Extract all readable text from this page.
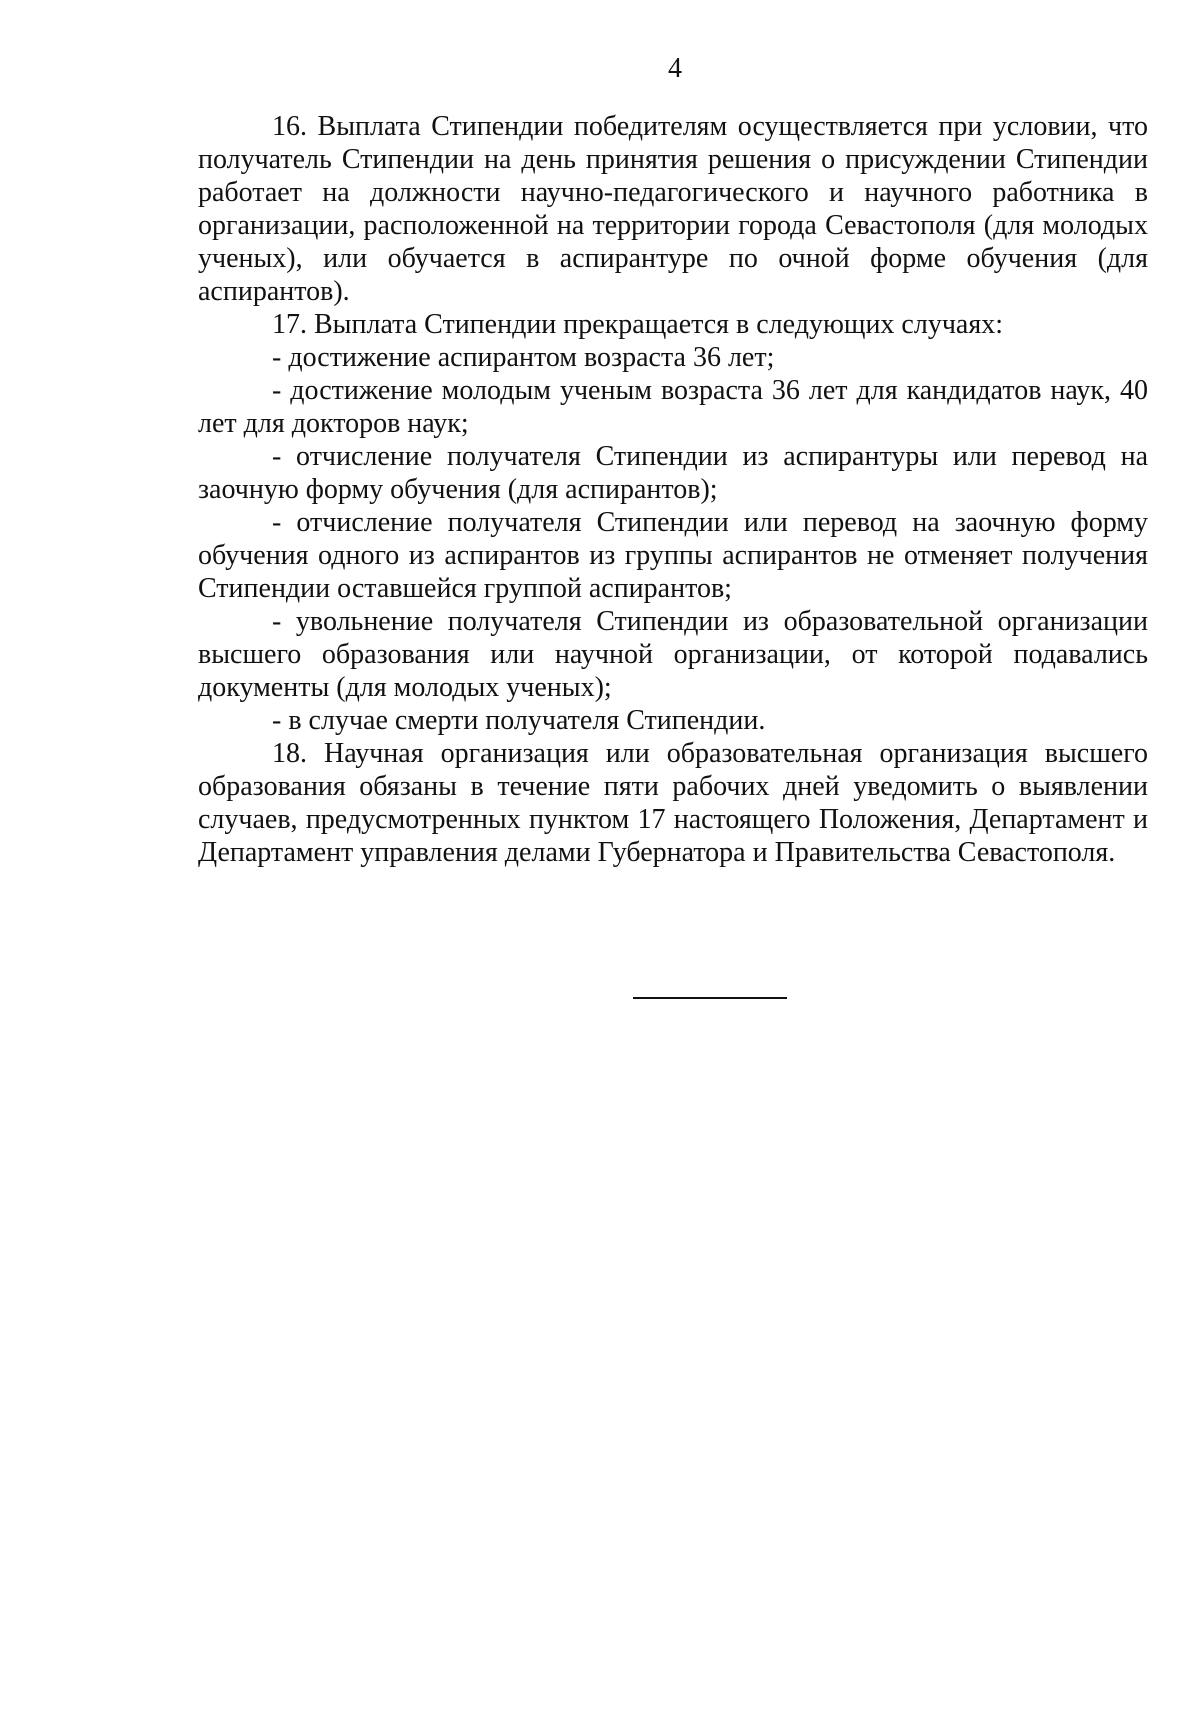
4

16. Выплата Стипендии победителям осуществляется при условии, что получатель Стипендии на день принятия решения о присуждении Стипендии работает на должности научно-педагогического и научного работника в организации, расположенной на территории города Севастополя (для молодых ученых), или обучается в аспирантуре по очной форме обучения (для аспирантов).

17. Выплата Стипендии прекращается в следующих случаях:

- достижение аспирантом возраста 36 лет;

- достижение молодым ученым возраста 36 лет для кандидатов наук, 40 лет для докторов наук;

- отчисление получателя Стипендии из аспирантуры или перевод на заочную форму обучения (для аспирантов);

- отчисление получателя Стипендии или перевод на заочную форму обучения одного из аспирантов из группы аспирантов не отменяет получения Стипендии оставшейся группой аспирантов;

- увольнение получателя Стипендии из образовательной организации высшего образования или научной организации, от которой подавались документы (для молодых ученых);

- в случае смерти получателя Стипендии.

18. Научная организация или образовательная организация высшего образования обязаны в течение пяти рабочих дней уведомить о выявлении случаев, предусмотренных пунктом 17 настоящего Положения, Департамент и Департамент управления делами Губернатора и Правительства Севастополя.
